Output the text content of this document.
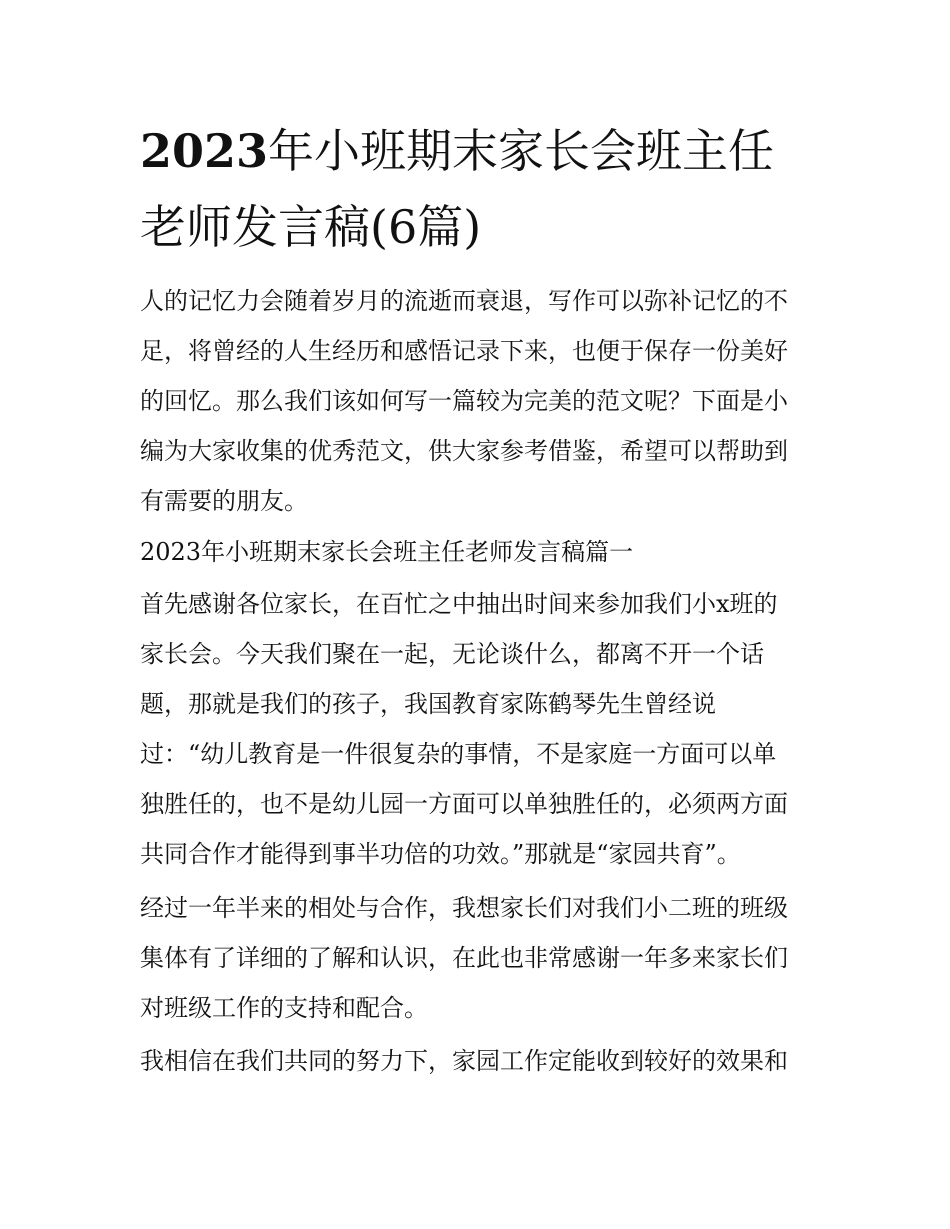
2023年小班期末家长会班主任
老师发言稿(6篇)

人的记忆力会随着岁月的流逝而衰退，写作可以弥补记忆的不

足，将曾经的人生经历和感悟记录下来，也便于保存一份美好

的回忆。那么我们该如何写一篇较为完美的范文呢？下面是小

编为大家收集的优秀范文，供大家参考借鉴，希望可以帮助到

有需要的朋友。

2023年小班期末家长会班主任老师发言稿篇一

首先感谢各位家长，在百忙之中抽出时间来参加我们小x班的

家长会。今天我们聚在一起，无论谈什么，都离不开一个话

题，那就是我们的孩子，我国教育家陈鹤琴先生曾经说

过：“幼儿教育是一件很复杂的事情，不是家庭一方面可以单

独胜任的，也不是幼儿园一方面可以单独胜任的，必须两方面

共同合作才能得到事半功倍的功效。”那就是“家园共育”。

经过一年半来的相处与合作，我想家长们对我们小二班的班级

集体有了详细的了解和认识，在此也非常感谢一年多来家长们

对班级工作的支持和配合。

我相信在我们共同的努力下，家园工作定能收到较好的效果和
